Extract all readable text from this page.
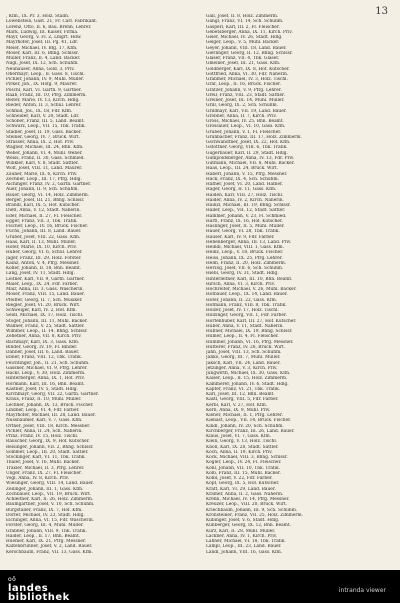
13
, Kfm., IX. Pr. 3, Holz. Stalln.
Löwenstein, Gast. 21, Fr. Carl. Fabrikant.
Lorenz, Otto, II. 6, Bau. Brenn, Lehrer.
Mark, Ludwig, III. Kaiser, Firma.
Mayr, Georg, V. Fl. Z, Lmgrt. Hdw.
Mayrhofer, Josef, III. Pg. 41, Ldr.
Meier, Michael, IV. Bfg. 17, Kfm.
Moser, Karl, III. 6, Bhng. Schlssr.
Müller, Franz, II. 4, Land. Bäcker.
Nagl, Josef, IX. 12, Sch. Schuhm.
Neuhauser, Anna, Gold. 3, Priv.
Obermayr, Leop., II. Gass. 8, Tischl.
Pichler, Johann, IV. 9, Mühl. Müller.
Pirker, Joh., IX. Hofg. 9, Maurer.
Pöschl, Karl, VI. Gärtn. 9, Gärtner.
Raab, Franz, III. 10, Pfrg. Zimmerm.
Reiter, Marie, IV. 13, Kirch. Hdlg.
Rieder, Anton, II. 3, Schul. Lehrer.
Schmid, Jos., IX. 18, Fdr. Kfm.
Schneider, Karl, V. 20, Stadt. Ldr.
Schober, Franz, III. 5, Land. Beamt.
Schwarz, Leop., VII. 15, Tbk. Trafik.
Stadler, Josef, II. 19, Gass. Bäcker.
Steiner, Georg, IV. 7, Brück. Wirt.
Strasser, Anna, IX. 2, Hof. Priv.
Wagner, Michael, III. 24, Bhn. Kfm.
Weber, Johann, VI. 4, Mühl. Weber.
Weiss, Franz, II. 30, Gass. Schmied.
Winkler, Karl, V. 8, Stadt. Sattler.
Wolf, Josef, VIII. 11, Land. Maurer.
Zauner, Marie, IX. 6, Kirch. Priv.
Zechner, Leop., III. 17, Pfrg. Hdlg.
Aichinger, Franz, IV. 2, Gärtn. Gärtner.
Auer, Johann, II. 9, Sch. Schuhm.
Bauer, Georg, VI. 14, Holz. Zimmerm.
Berger, Josef, III. 21, Bhng. Schlssr.
Brandl, Karl, IX. 5, Hof. Kutscher.
Dietl, Anna, V. 12, Stadt. Näherin.
Eder, Michael, II. 27, Fl. Fleischer.
Egger, Franz, VII. 3, Tbk. Trafik.
Fischer, Leop., IV. 16, Brück. Fischer.
Fuchs, Johann, III. 8, Land. Bauer.
Gruber, Josef, VIII. 22, Gass. Kfm.
Haas, Karl, II. 13, Mühl. Müller.
Hofer, Marie, IX. 10, Kirch. Priv.
Huber, Georg, VI. 6, Schul. Lehrer.
Jäger, Franz, III. 29, Holz. Förster.
Kainz, Anton, V. 4, Pfrg. Messner.
Koller, Johann, II. 18, Bhn. Beamt.
Lang, Josef, IV. 11, Stadt. Hdlg.
Leitner, Karl, VII. 9, Gärtn. Gärtner.
Maier, Leop., IX. 24, Fdr. Färber.
Mair, Anna, III. 3, Gass. Wäscherin.
Moser, Franz, VIII. 15, Land. Bauer.
Pfeiffer, Georg, II. 7, Sch. Musiker.
Riegler, Josef, VI. 20, Brück. Wirt.
Schweiger, Karl, IV. 2, Hof. Kfm.
Seidl, Michael, IX. 17, Holz. Tischl.
Stöger, Johann, III. 11, Mühl. Bäcker.
Wallner, Franz, V. 25, Stadt. Sattler.
Wimmer, Leop., II. 14, Bhng. Schlssr.
Zehetner, Anna, VII. 8, Kirch. Priv.
Bachmayr, Karl, IX. 3, Gass. Kfm.
Binder, Georg, IV. 19, Fl. Binder.
Danner, Josef, III. 6, Land. Bauer.
Ebner, Franz, VIII. 12, Tbk. Trafik.
Feichtinger, Joh., II. 21, Sch. Schuhm.
Gassner, Michael, VI. 9, Pfrg. Lehrer.
Hackl, Leop., V. 30, Holz. Zimmerm.
Hinterberger, Anna, IX. 1, Hof. Priv.
Hörmann, Karl, III. 16, Bhn. Beamt.
Kastner, Josef, IV. 5, Stadt. Hdlg.
Kirchmayr, Georg, VII. 22, Gärtn. Gärtner.
Kraus, Franz, II. 10, Mühl. Müller.
Lechner, Johann, IX. 13, Brück. Fischer.
Lindner, Leop., VI. 4, Fdr. Färber.
Mayrhofer, Michael, III. 28, Land. Bauer.
Nussbaumer, Karl, V. 7, Gass. Kfm.
Ortner, Josef, VIII. 18, Kirch. Messner.
Pichler, Anna, II. 24, Sch. Näherin.
Prinz, Franz, IV. 15, Holz. Tischl.
Rauscher, Georg, IX. 9, Hof. Kutscher.
Reisinger, Johann, VII. 2, Bhng. Schlssr.
Sommer, Leop., III. 20, Stadt. Sattler.
Stockinger, Karl, VI. 11, Tbk. Trafik.
Thaler, Josef, V. 16, Mühl. Bäcker.
Traxler, Michael, II. 3, Pfrg. Lehrer.
Unger, Franz, IX. 27, Fl. Fleischer.
Vogl, Anna, IV. 8, Kirch. Priv.
Wiesinger, Georg, VIII. 14, Land. Bauer.
Zeilinger, Johann, III. 1, Gass. Kfm.
Zöchbauer, Leop., VII. 19, Brück. Wirt.
Achleitner, Karl, II. 26, Holz. Zimmerm.
Baumgartner, Josef, V. 10, Sch. Schuhm.
Burgstaller, Franz, IX. 7, Hof. Kfm.
Dorfer, Michael, IV. 23, Stadt. Hdlg.
Eichinger, Anna, VI. 15, Fdr. Wäscherin.
Forster, Georg, III. 4, Mühl. Müller.
Grabner, Johann, VIII. 9, Tbk. Trafik.
Haider, Leop., II. 17, Bhn. Beamt.
Huemer, Karl, IX. 21, Pfrg. Messner.
Kaltenbrunner, Josef, V. 2, Land. Bauer.
Kerschbaum, Franz, VII. 13, Gass. Kfm.
Gall, Josef, II. 8, Holz. Zimmerm.
Gangl, Franz, VI. 14, Sch. Schuhm.
Gasperl, Karl, III. 2, Fl. Fleischer.
Gebetsberger, Anna, IX. 11, Kirch. Priv.
Geier, Michael, IV. 26, Stadt. Hdlg.
Geiger, Leop., V. 5, Mühl. Bäcker.
Geyer, Johann, VIII. 18, Land. Bauer.
Gierlinger, Georg, II. 12, Bhng. Schlssr.
Glaser, Franz, VII. 4, Tbk. Glaser.
Gmeiner, Josef, III. 21, Gass. Kfm.
Goldberger, Karl, IX. 8, Hof. Kutscher.
Gottfried, Anna, VI. 30, Fdr. Näherin.
Grabmer, Michael, IV. 3, Holz. Tischl.
Graf, Leop., II. 16, Brück. Fischer.
Gratzer, Johann, V. 9, Pfrg. Lehrer.
Greil, Franz, VIII. 23, Stadt. Sattler.
Greiner, Josef, III. 14, Mühl. Müller.
Grill, Georg, IX. 2, Sch. Schuhm.
Grillmayr, Karl, VII. 19, Land. Bauer.
Gröbner, Anna, II. 7, Kirch. Priv.
Gross, Michael, IV. 25, Bhn. Beamt.
Grossauer, Leop., VI. 10, Gass. Kfm.
Gruber, Johann, V. 1, Fl. Fleischer.
Grünbacher, Franz, III. 17, Holz. Zimmerm.
Gschwandtner, Josef, IX. 22, Hof. Kfm.
Gstöttner, Georg, VIII. 6, Tbk. Trafik.
Gugerbauer, Karl, II. 29, Stadt. Hdlg.
Gumpoldsberger, Anna, IV. 13, Fdr. Priv.
Gutmann, Michael, VII. 8, Mühl. Bäcker.
Haas, Leop., III. 24, Brück. Wirt.
Haberl, Johann, V. 15, Pfrg. Messner.
Hack, Franz, IX. 4, Sch. Schuhm.
Hafner, Josef, VI. 20, Land. Hafner.
Hager, Georg, II. 11, Gass. Kfm.
Haiden, Karl, VIII. 27, Holz. Tischl.
Haider, Anna, IV. 2, Kirch. Näherin.
Hainzl, Michael, III. 19, Bhng. Schlssr.
Haller, Leop., VII. 12, Stadt. Sattler.
Hammer, Johann, V. 23, Fl. Schmied.
Hartl, Franz, IX. 16, Hof. Kutscher.
Haslinger, Josef, II. 5, Mühl. Müller.
Hauer, Georg, VI. 28, Tbk. Trafik.
Hauser, Karl, IV. 9, Fdr. Färber.
Hehenberger, Anna, III. 13, Land. Priv.
Heindl, Michael, VIII. 1, Gass. Kfm.
Heinz, Leop., V. 18, Brück. Fischer.
Heiss, Johann, IX. 25, Pfrg. Lehrer.
Helm, Franz, II. 20, Holz. Zimmerm.
Herzog, Josef, VII. 6, Sch. Schuhm.
Hiebl, Georg, IV. 31, Stadt. Hdlg.
Hinterleitner, Karl, III. 10, Bhn. Beamt.
Hirsch, Anna, VI. 3, Kirch. Priv.
Hochreiter, Michael, V. 26, Mühl. Bäcker.
Hofbauer, Leop., IX. 14, Land. Bauer.
Hofer, Johann, II. 22, Gass. Kfm.
Hofmann, Franz, VIII. 8, Tbk. Trafik.
Holzer, Josef, IV. 17, Holz. Tischl.
Holzinger, Georg, VII. 1, Fdr. Färber.
Hörtenhuber, Karl, III. 27, Hof. Kutscher.
Huber, Anna, V. 11, Stadt. Näherin.
Hübner, Michael, IX. 19, Bhng. Schlssr.
Humer, Leop., II. 4, Fl. Fleischer.
Hummer, Johann, VI. 16, Pfrg. Messner.
Hutterer, Franz, IV. 28, Brück. Wirt.
Jahn, Josef, VIII. 13, Sch. Schuhm.
Janko, Georg, III. 7, Mühl. Müller.
Jaksch, Karl, VII. 24, Land. Bauer.
Jetzinger, Anna, V. 3, Kirch. Priv.
Jungwirth, Michael, IX. 30, Gass. Kfm.
Kaiser, Leop., II. 15, Holz. Zimmerm.
Kammerer, Johann, IV. 6, Stadt. Hdlg.
Kapfer, Franz, VI. 21, Tbk. Trafik.
Karl, Josef, III. 12, Bhn. Beamt.
Kastl, Georg, VIII. 5, Fdr. Färber.
Kerbl, Karl, V. 27, Hof. Kfm.
Kern, Anna, IX. 9, Mühl. Priv.
Kiener, Michael, II. 1, Pfrg. Lehrer.
Kienast, Leop., VII. 14, Brück. Fischer.
Kindl, Johann, IV. 20, Sch. Schuhm.
Kirchberger, Franz, III. 26, Land. Bauer.
Klaus, Josef, VI. 7, Gass. Kfm.
Klein, Georg, V. 13, Holz. Tischl.
Knoll, Karl, IX. 28, Stadt. Sattler.
Koch, Anna, II. 19, Kirch. Priv.
Köck, Michael, VIII. 3, Bhng. Schlssr.
Kogler, Leop., IV. 24, Fl. Fleischer.
Kohl, Johann, VII. 10, Tbk. Trafik.
Kolb, Franz, III. 15, Mühl. Bäcker.
Kölbl, Josef, V. 22, Fdr. Färber.
Kopf, Georg, IX. 5, Hof. Kutscher.
Kraft, Karl, VI. 29, Land. Bauer.
Kramer, Anna, II. 2, Gass. Näherin.
Krenn, Michael, IV. 14, Pfrg. Messner.
Kreuzer, Leop., VIII. 20, Brück. Wirt.
Kriechbaum, Johann, III. 9, Sch. Schuhm.
Kronsteiner, Franz, VII. 25, Holz. Zimmerm.
Kubinger, Josef, V. 6, Stadt. Hdlg.
Kühberger, Georg, IX. 12, Bhn. Beamt.
Kurz, Karl, II. 28, Mühl. Müller.
Lackner, Anna, IV. 1, Kirch. Priv.
Lahner, Michael, VI. 18, Tbk. Trafik.
Lampl, Leop., III. 23, Land. Bauer.
Landl, Johann, VIII. 16, Gass. Kfm.
oö
landes
bibliothek
intranda viewer
